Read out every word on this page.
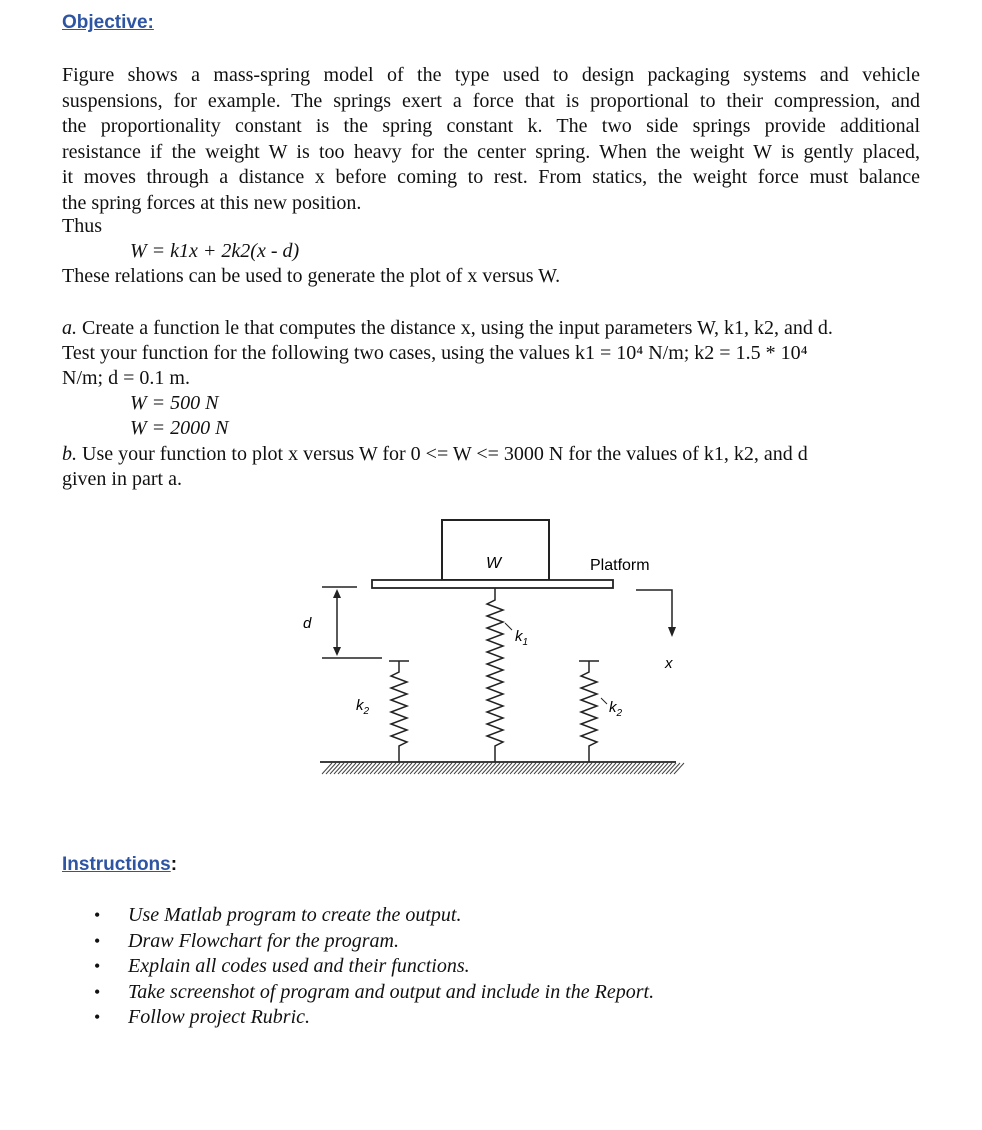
Objective:
Figure shows a mass-spring model of the type used to design packaging systems and vehicle
suspensions, for example. The springs exert a force that is proportional to their compression, and
the proportionality constant is the spring constant k. The two side springs provide additional
resistance if the weight W is too heavy for the center spring. When the weight W is gently placed,
it moves through a distance x before coming to rest. From statics, the weight force must balance
the spring forces at this new position.
Thus
W = k1x + 2k2(x - d)
These relations can be used to generate the plot of x versus W.
a. Create a function le that computes the distance x, using the input parameters W, k1, k2, and d.
Test your function for the following two cases, using the values k1 = 10⁴ N/m; k2 = 1.5 * 10⁴
N/m; d = 0.1 m.
W = 500 N
W = 2000 N
b. Use your function to plot x versus W for 0 <= W <= 3000 N for the values of k1, k2, and d
given in part a.
W	Platform
d
x
$k_1$
$k_2$	$k_2$
Instructions:
• Use Matlab program to create the output.
• Draw Flowchart for the program.
• Explain all codes used and their functions.
• Take screenshot of program and output and include in the Report.
• Follow project Rubric.
